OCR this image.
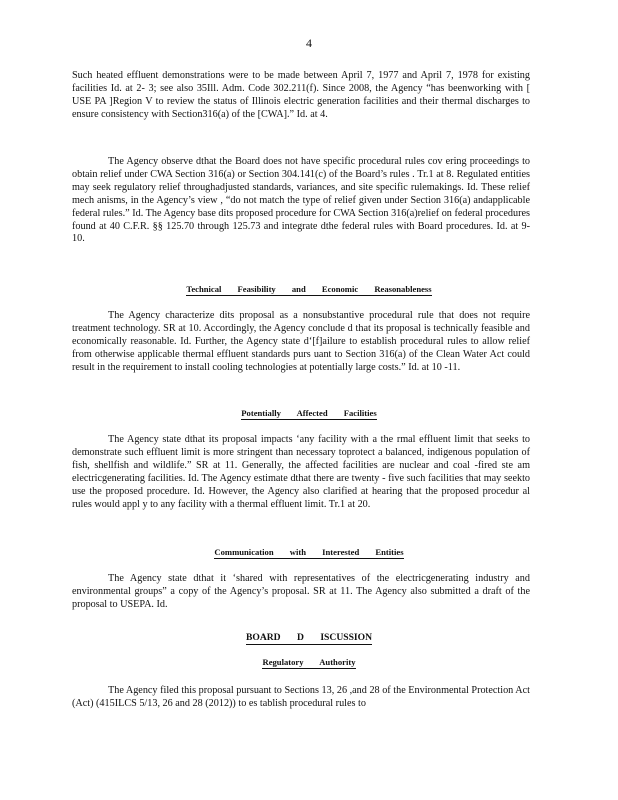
4

Such heated effluent demonstrations were to be made between April 7, 1977 and April 7, 1978 for existing facilities Id. at 2- 3; see also 35Ill. Adm. Code 302.211(f). Since 2008, the Agency “has beenworking with [ USE PA ]Region V to review the status of Illinois electric generation facilities and their thermal discharges to ensure consistency with Section316(a) of the [CWA].” Id. at 4.

The Agency observe dthat the Board does not have specific procedural rules cov ering proceedings to obtain relief under CWA Section 316(a) or Section 304.141(c) of the Board’s rules . Tr.1 at 8. Regulated entities may seek regulatory relief throughadjusted standards, variances, and site specific rulemakings. Id. These relief mech anisms, in the Agency’s view , “do not match the type of relief given under Section 316(a) andapplicable federal rules.” Id. The Agency base dits proposed procedure for CWA Section 316(a)relief on federal procedures found at 40 C.F.R. §§ 125.70 through 125.73 and integrate dthe federal rules with Board procedures. Id. at 9- 10.

Technical Feasibility and Economic Reasonableness

The Agency characterize dits proposal as a nonsubstantive procedural rule that does not require treatment technology. SR at 10. Accordingly, the Agency conclude d that its proposal is technically feasible and economically reasonable. Id. Further, the Agency state d‘[f]ailure to establish procedural rules to allow relief from otherwise applicable thermal effluent standards purs uant to Section 316(a) of the Clean Water Act could result in the requirement to install cooling technologies at potentially large costs.” Id. at 10 -11.

Potentially Affected Facilities

The Agency state dthat its proposal impacts ‘any facility with a the rmal effluent limit that seeks to demonstrate such effluent limit is more stringent than necessary toprotect a balanced, indigenous population of fish, shellfish and wildlife.” SR at 11. Generally, the affected facilities are nuclear and coal -fired ste am electricgenerating facilities. Id. The Agency estimate dthat there are twenty - five such facilities that may seekto use the proposed procedure. Id. However, the Agency also clarified at hearing that the proposed procedur al rules would appl y to any facility with a thermal effluent limit. Tr.1 at 20.

Communication with Interested Entities

The Agency state dthat it ‘shared with representatives of the electricgenerating industry and environmental groups” a copy of the Agency’s proposal. SR at 11. The Agency also submitted a draft of the proposal to USEPA. Id.

BOARD D ISCUSSION
Regulatory Authority

The Agency filed this proposal pursuant to Sections 13, 26 ,and 28 of the Environmental Protection Act (Act) (415ILCS 5/13, 26 and 28 (2012)) to es tablish procedural rules to
